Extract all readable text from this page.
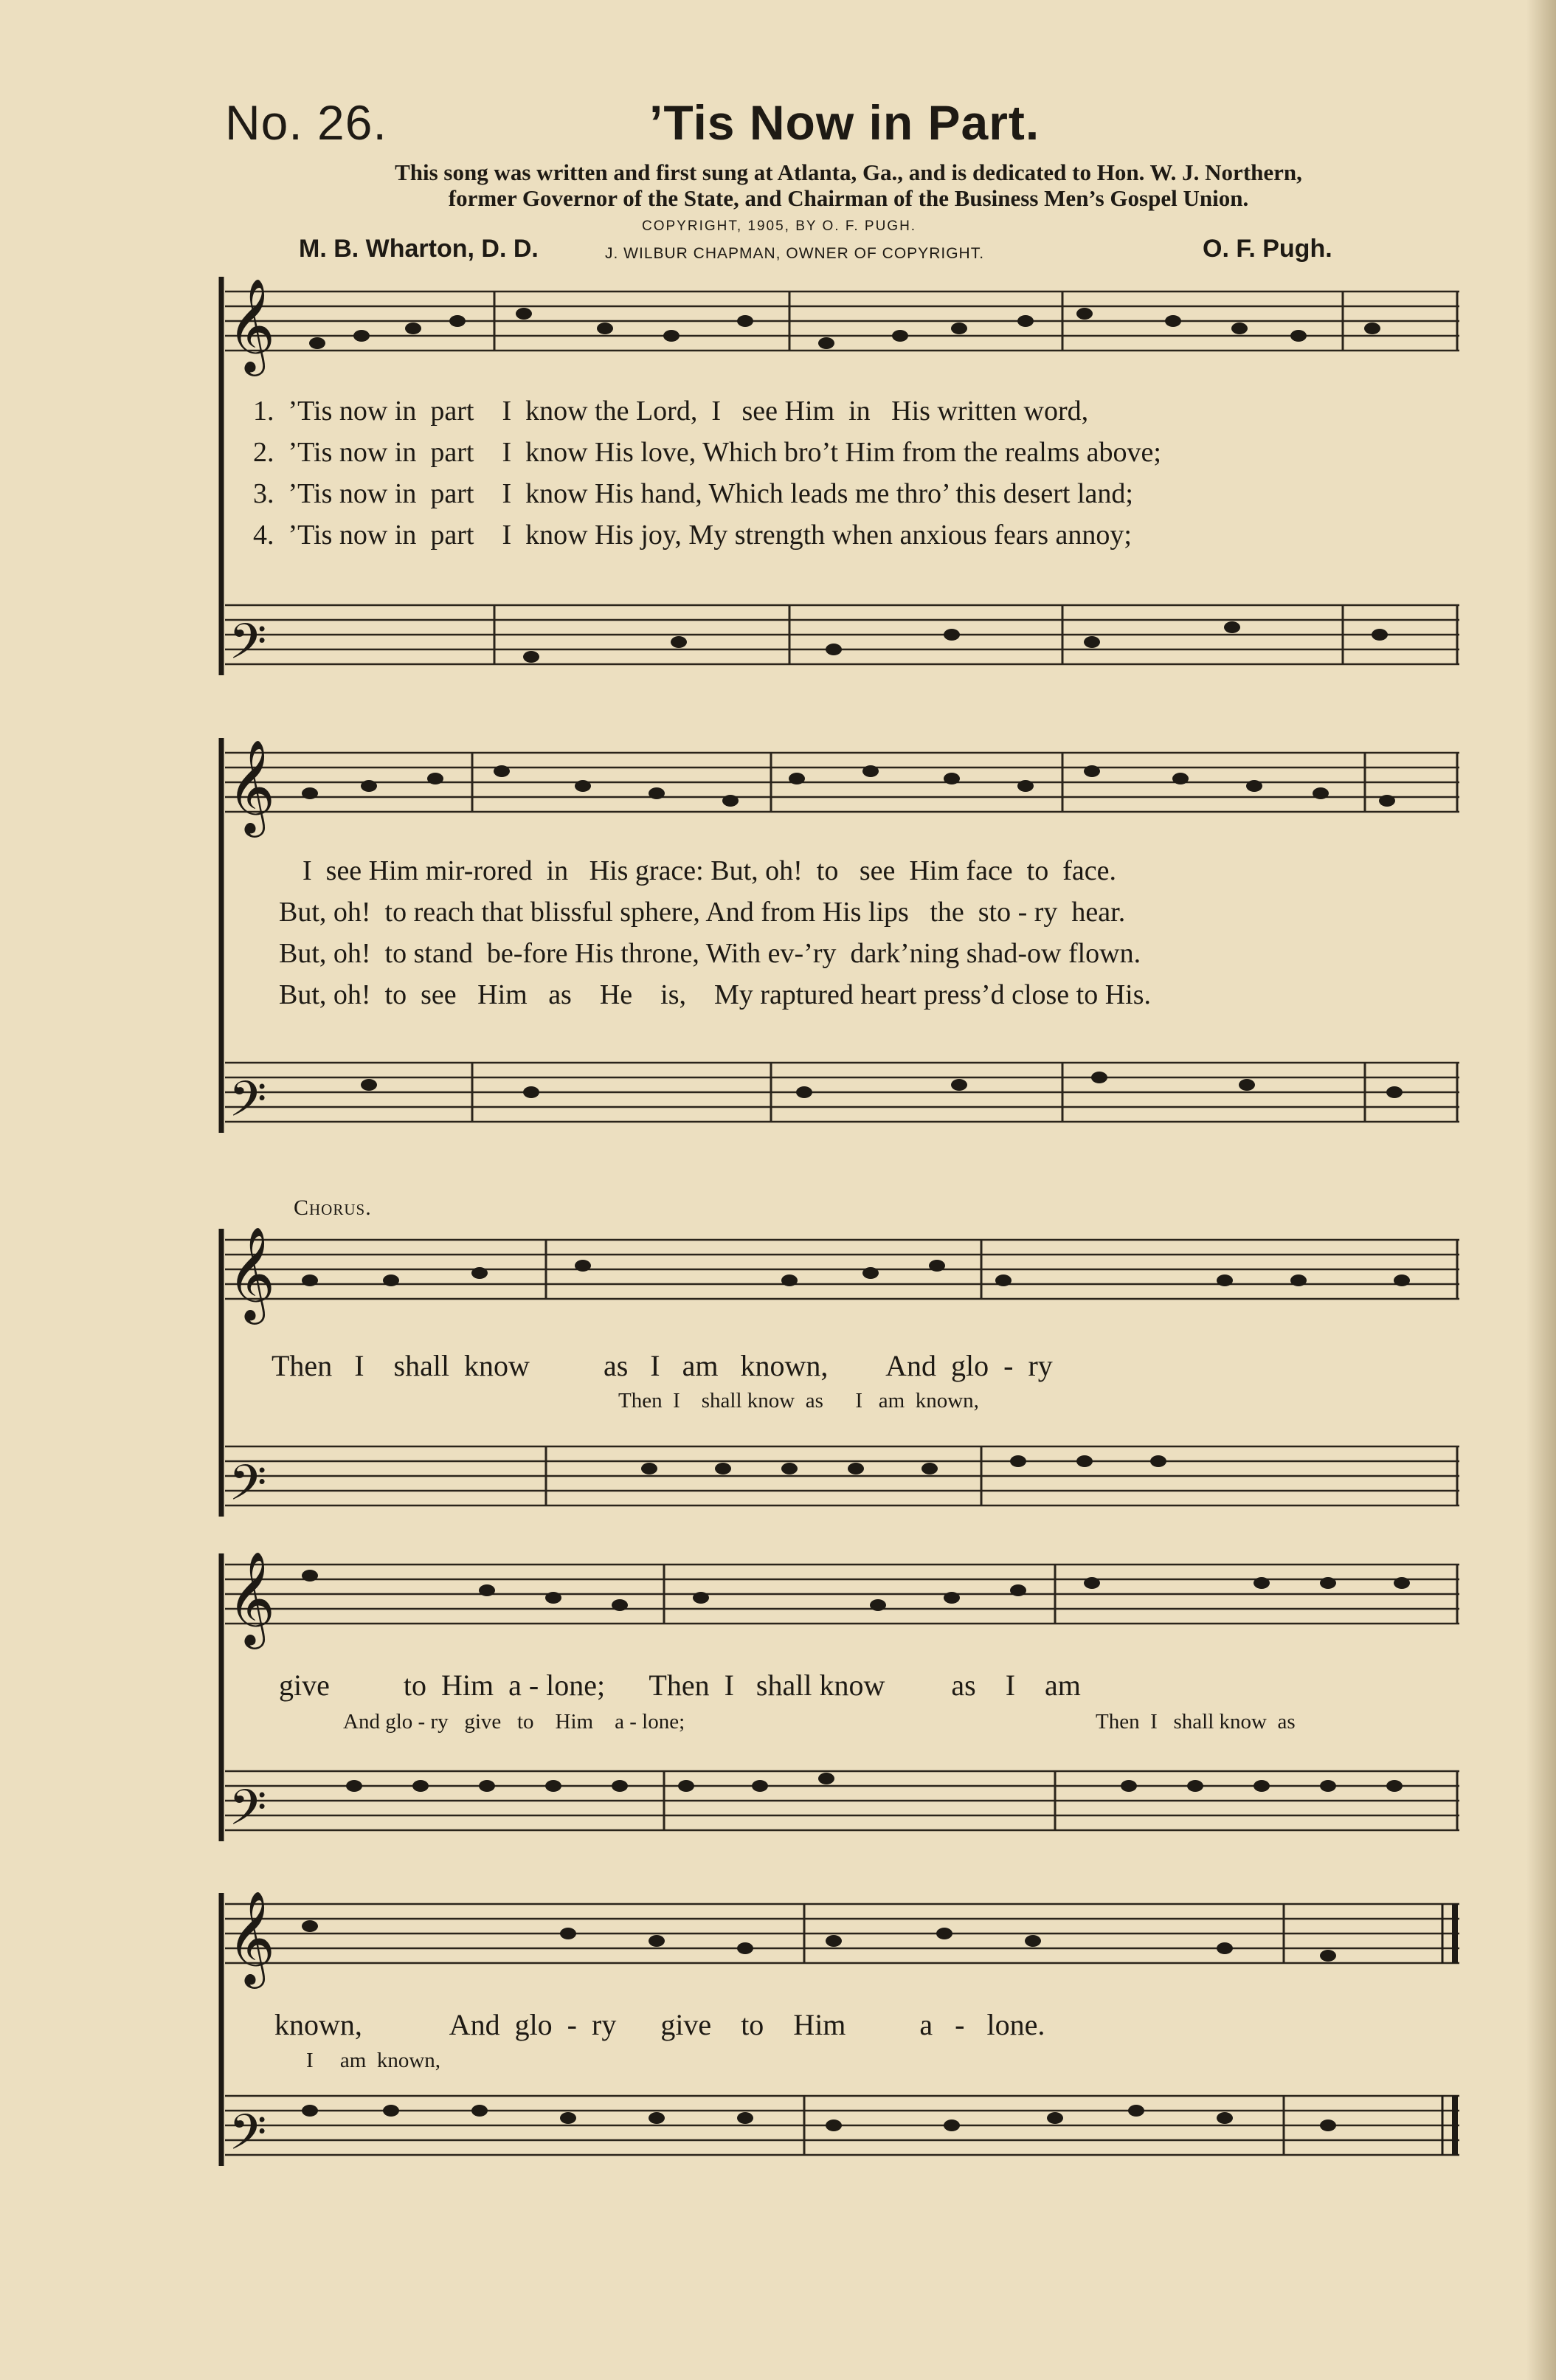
No. 26.	’Tis Now in Part.
This song was written and first sung at Atlanta, Ga., and is dedicated to Hon. W. J. Northern,
former Governor of the State, and Chairman of the Business Men’s Gospel Union.
COPYRIGHT, 1905, BY O. F. PUGH.
M. B. Wharton, D. D.	J. WILBUR CHAPMAN, OWNER OF COPYRIGHT.	O. F. Pugh.
𝄞
𝄢
𝄞
𝄢
𝄞
𝄢
𝄞
𝄢
𝄞
𝄢
1.  ’Tis now in  part    I  know the Lord,  I   see Him  in   His written word,
2.  ’Tis now in  part    I  know His love, Which bro’t Him from the realms above;
3.  ’Tis now in  part    I  know His hand, Which leads me thro’ this desert land;
4.  ’Tis now in  part    I  know His joy, My strength when anxious fears annoy;
I  see Him mir-rored  in   His grace: But, oh!  to   see  Him face  to  face.
But, oh!  to reach that blissful sphere, And from His lips   the  sto - ry  hear.
But, oh!  to stand  be-fore His throne, With ev-’ry  dark’ning shad-ow flown.
But, oh!  to  see   Him   as    He    is,    My raptured heart press’d close to His.
Chorus.
Then   I    shall  know          as   I   am   known,        And  glo  -  ry
Then  I    shall know  as      I   am  known,
give          to  Him  a - lone;      Then  I   shall know         as    I    am
And glo - ry   give   to    Him    a - lone;	Then  I   shall know  as
known,            And  glo  -  ry      give    to    Him          a   -   lone.
I     am  known,
